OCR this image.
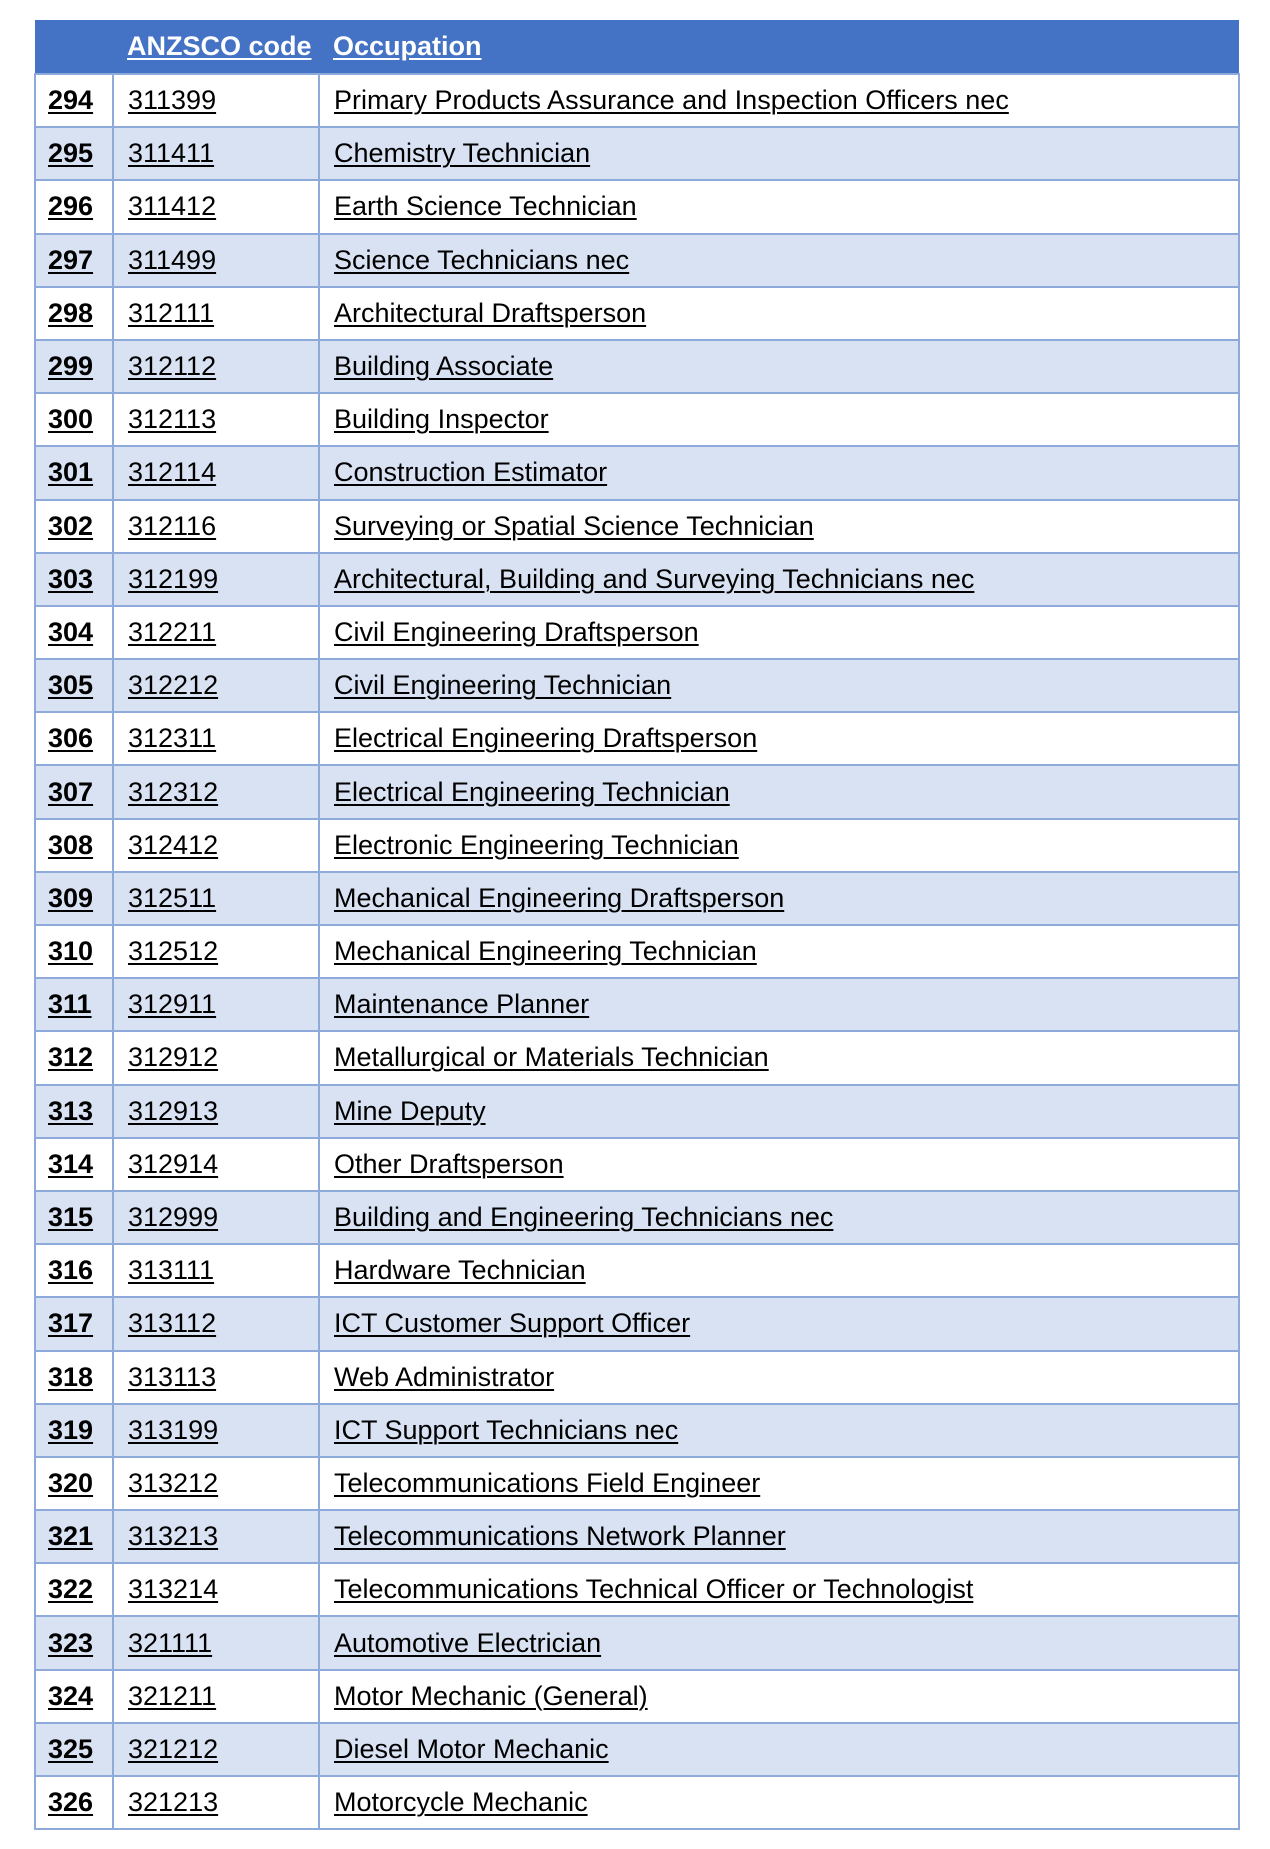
	ANZSCO code	Occupation
294	311399	Primary Products Assurance and Inspection Officers nec
295	311411	Chemistry Technician
296	311412	Earth Science Technician
297	311499	Science Technicians nec
298	312111	Architectural Draftsperson
299	312112	Building Associate
300	312113	Building Inspector
301	312114	Construction Estimator
302	312116	Surveying or Spatial Science Technician
303	312199	Architectural, Building and Surveying Technicians nec
304	312211	Civil Engineering Draftsperson
305	312212	Civil Engineering Technician
306	312311	Electrical Engineering Draftsperson
307	312312	Electrical Engineering Technician
308	312412	Electronic Engineering Technician
309	312511	Mechanical Engineering Draftsperson
310	312512	Mechanical Engineering Technician
311	312911	Maintenance Planner
312	312912	Metallurgical or Materials Technician
313	312913	Mine Deputy
314	312914	Other Draftsperson
315	312999	Building and Engineering Technicians nec
316	313111	Hardware Technician
317	313112	ICT Customer Support Officer
318	313113	Web Administrator
319	313199	ICT Support Technicians nec
320	313212	Telecommunications Field Engineer
321	313213	Telecommunications Network Planner
322	313214	Telecommunications Technical Officer or Technologist
323	321111	Automotive Electrician
324	321211	Motor Mechanic (General)
325	321212	Diesel Motor Mechanic
326	321213	Motorcycle Mechanic
